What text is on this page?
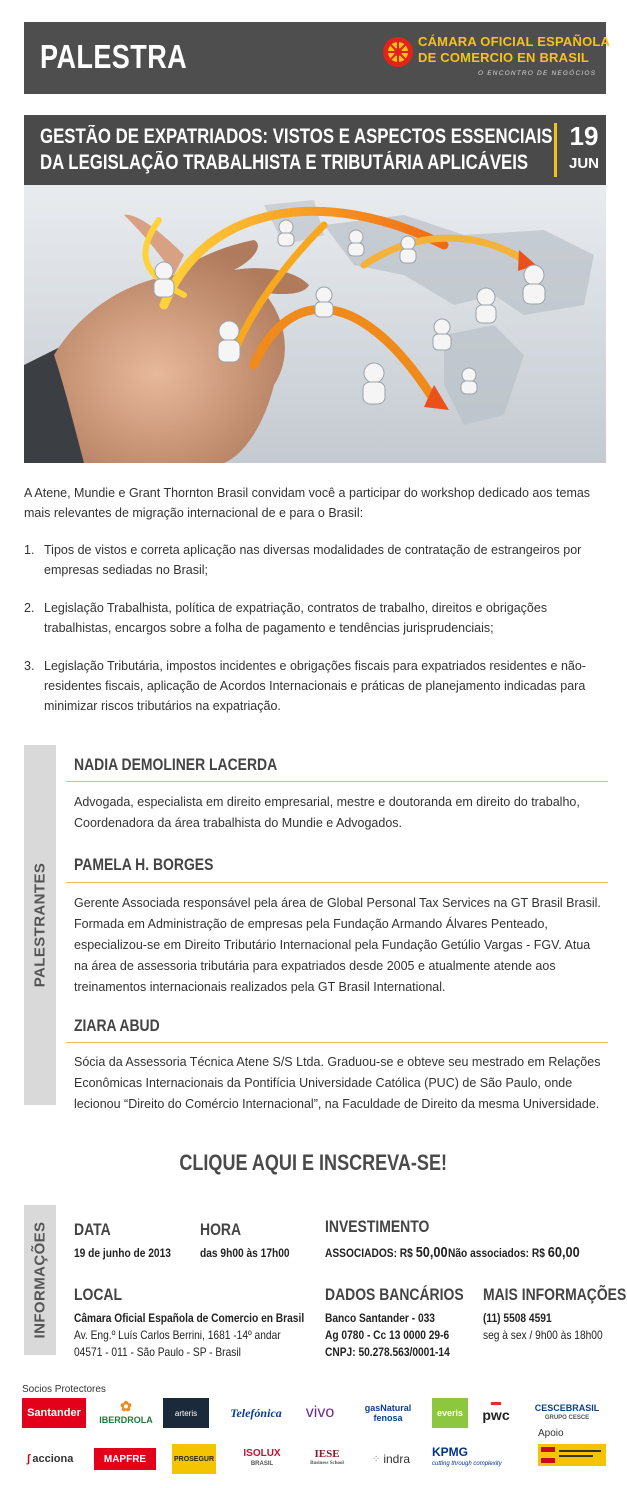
PALESTRA	CÁMARA OFICIAL ESPAÑOLA
DE COMERCIO EN BRASIL
O ENCONTRO DE NEGÓCIOS
GESTÃO DE EXPATRIADOS: VISTOS E ASPECTOS ESSENCIAIS
DA LEGISLAÇÃO TRABALHISTA E TRIBUTÁRIA APLICÁVEIS
19
JUN
A Atene, Mundie e Grant Thornton Brasil convidam você a participar do workshop dedicado aos temas mais relevantes de migração internacional de e para o Brasil:
1. Tipos de vistos e correta aplicação nas diversas modalidades de contratação de estrangeiros por empresas sediadas no Brasil;
2. Legislação Trabalhista, política de expatriação, contratos de trabalho, direitos e obrigações trabalhistas, encargos sobre a folha de pagamento e tendências jurisprudenciais;
3. Legislação Tributária, impostos incidentes e obrigações fiscais para expatriados residentes e não-residentes fiscais, aplicação de Acordos Internacionais e práticas de planejamento indicadas para minimizar riscos tributários na expatriação.
PALESTRANTES
NADIA DEMOLINER LACERDA
Advogada, especialista em direito empresarial, mestre e doutoranda em direito do trabalho, Coordenadora da área trabalhista do Mundie e Advogados.
PAMELA H. BORGES
Gerente Associada responsável pela área de Global Personal Tax Services na GT Brasil Brasil. Formada em Administração de empresas pela Fundação Armando Álvares Penteado, especializou-se em Direito Tributário Internacional pela Fundação Getúlio Vargas - FGV. Atua na área de assessoria tributária para expatriados desde 2005 e atualmente atende aos treinamentos internacionais realizados pela GT Brasil International.
ZIARA ABUD
Sócia da Assessoria Técnica Atene S/S Ltda. Graduou-se e obteve seu mestrado em Relações Econômicas Internacionais da Pontifícia Universidade Católica (PUC) de São Paulo, onde lecionou “Direito do Comércio Internacional”, na Faculdade de Direito da mesma Universidade.
CLIQUE AQUI E INSCREVA-SE!
INFORMAÇÕES DATA
19 de junho de 2013
HORA
das 9h00 às 17h00
INVESTIMENTO
ASSOCIADOS: R$ 50,00 Não associados: R$ 60,00
LOCAL
Câmara Oficial Española de Comercio en Brasil
Av. Eng.º Luís Carlos Berrini, 1681 -14º andar
04571 - 011 - São Paulo - SP - Brasil
DADOS BANCÁRIOS
Banco Santander - 033
Ag 0780 - Cc 13 0000 29-6
CNPJ: 50.278.563/0001-14
MAIS INFORMAÇÕES
(11) 5508 4591
seg à sex / 9h00 às 18h00
Socios Protectores
Santander	✿
IBERDROLA
arteris	Telefónica vivo	gasNatural fenosa	everis
▬
pwc	CESCEBRASIL
GRUPO CESCE
ʃ acciona	MAPFRE	PROSEGUR	ISOLUX
BRASIL
IESE
Business School	⁘ indra KPMG
cutting through complexity
Apoio
